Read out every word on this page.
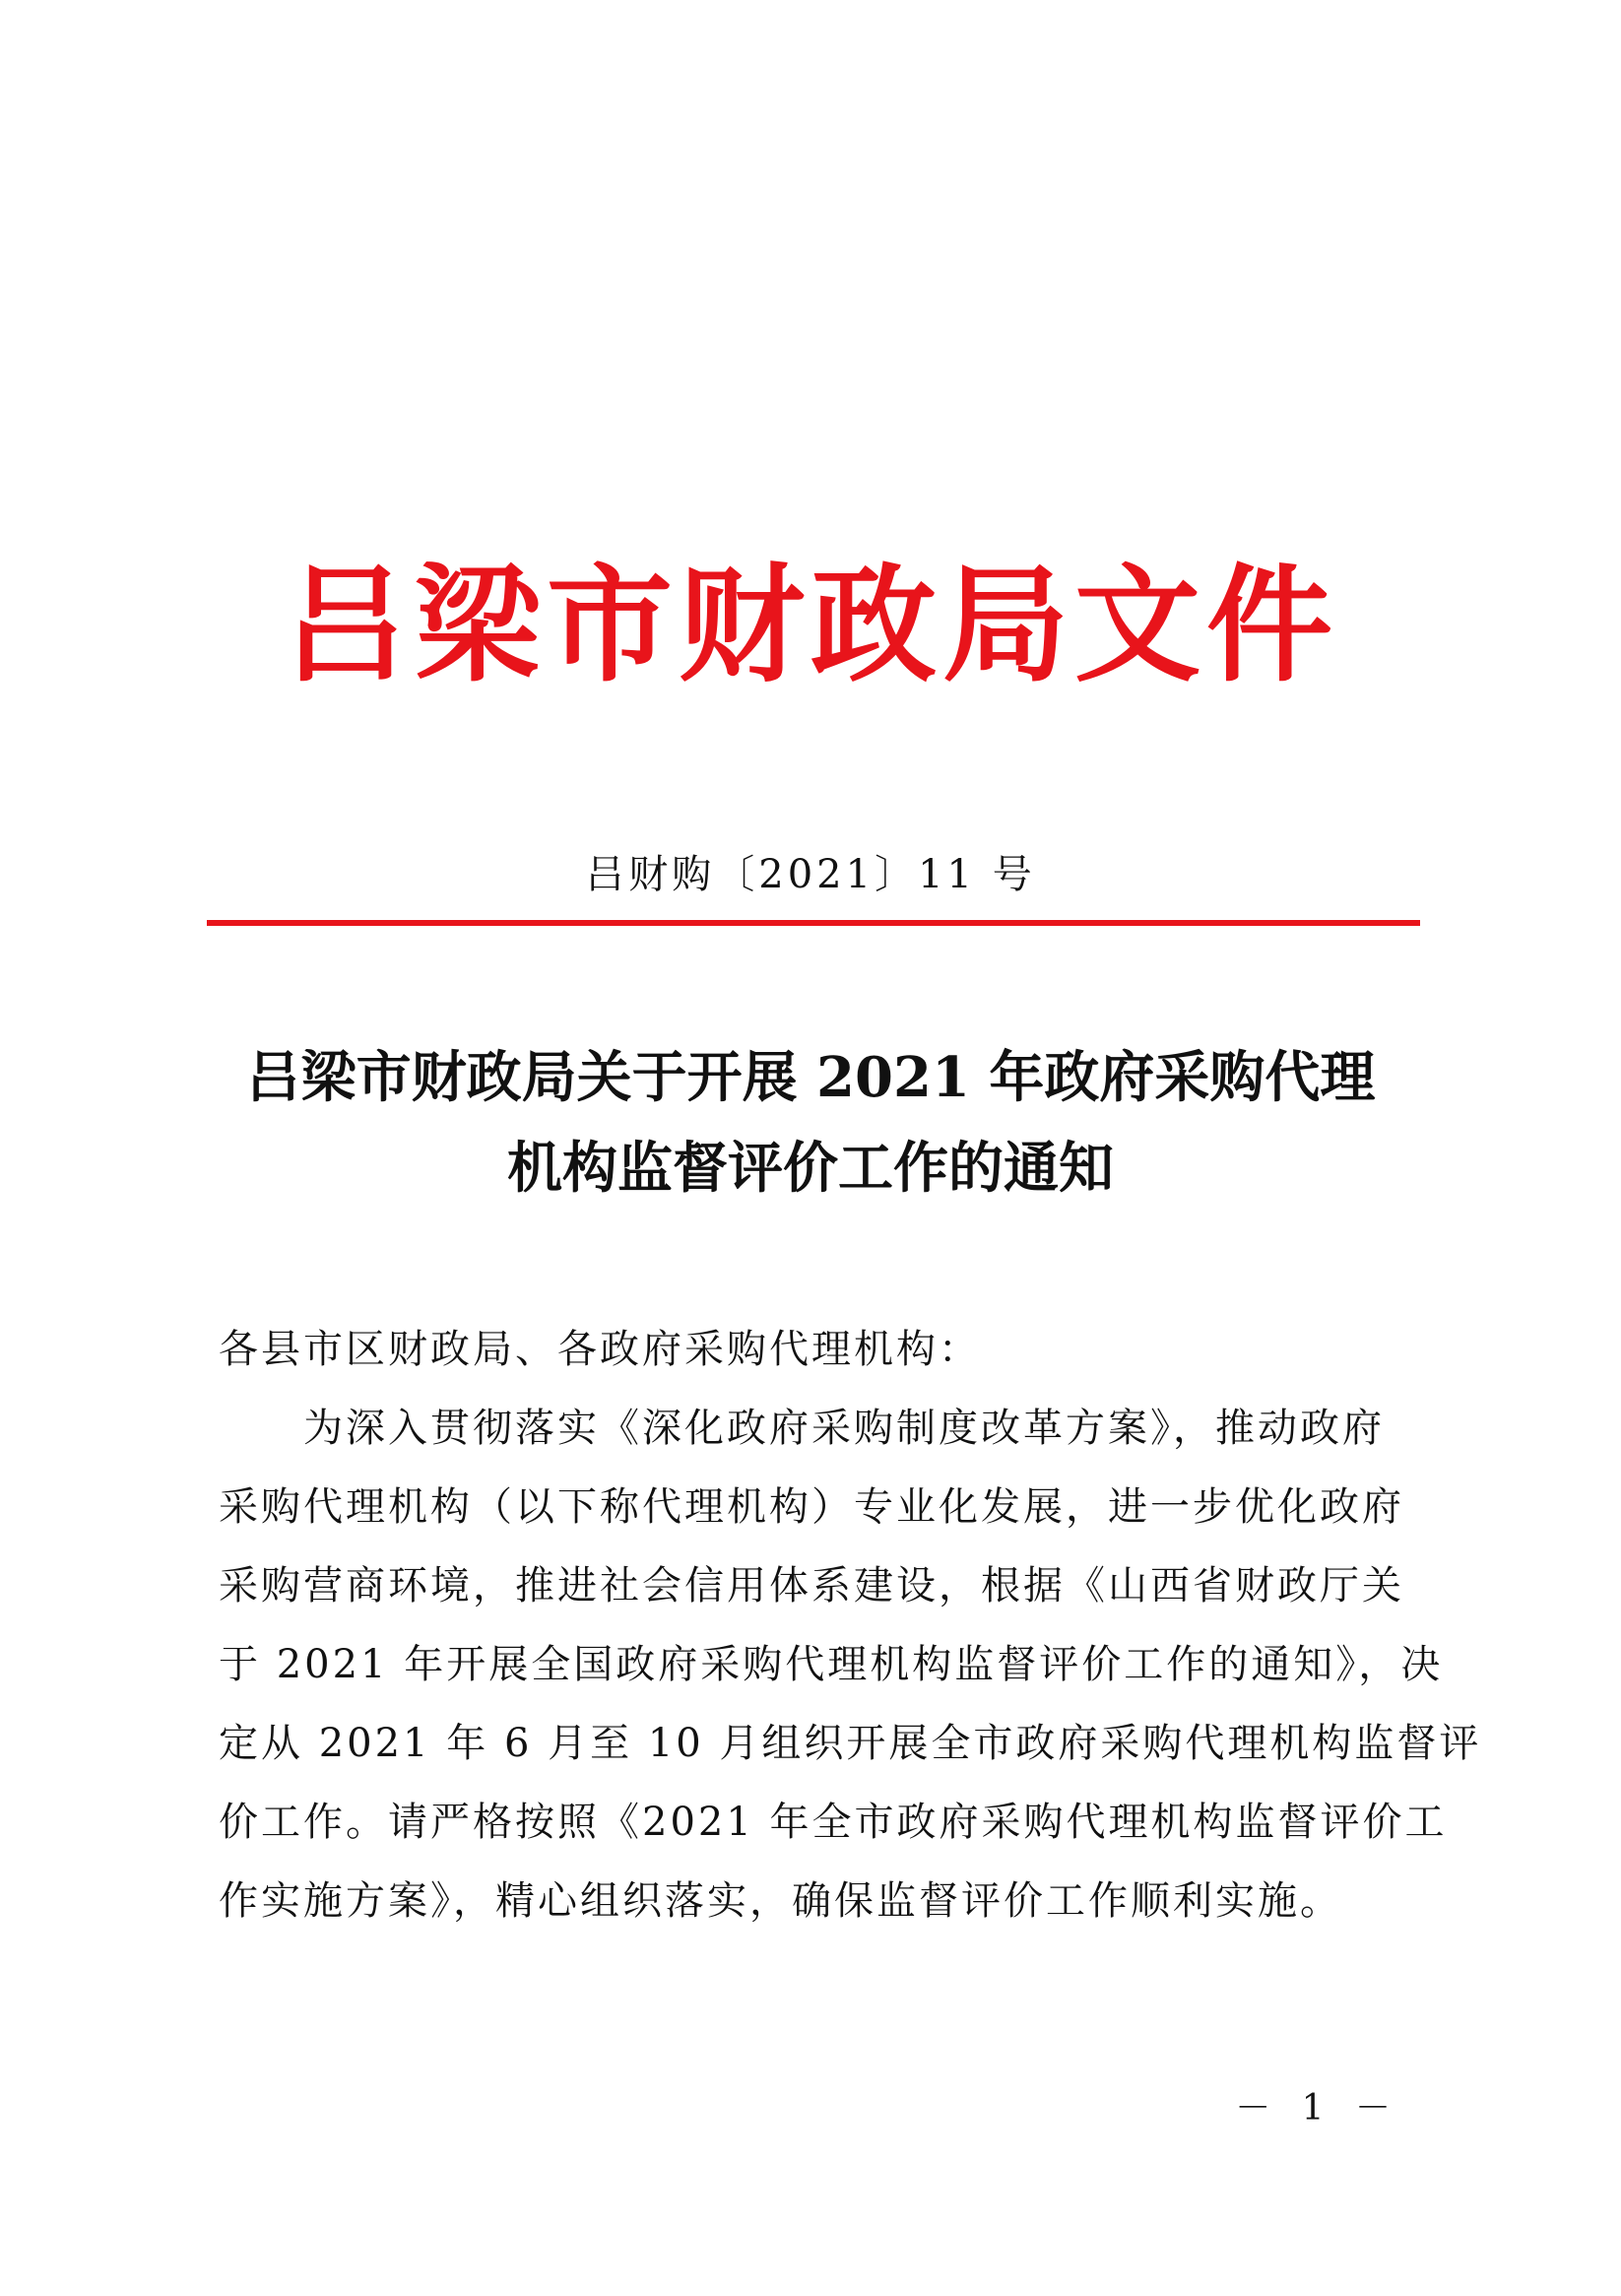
吕梁市财政局文件
吕财购〔2021〕11 号
吕梁市财政局关于开展 2021 年政府采购代理
机构监督评价工作的通知
各县市区财政局、各政府采购代理机构：
为深入贯彻落实《深化政府采购制度改革方案》，推动政府
采购代理机构（以下称代理机构）专业化发展，进一步优化政府
采购营商环境，推进社会信用体系建设，根据《山西省财政厅关
于 2021 年开展全国政府采购代理机构监督评价工作的通知》，决
定从 2021 年 6 月至 10 月组织开展全市政府采购代理机构监督评
价工作。请严格按照《2021 年全市政府采购代理机构监督评价工
作实施方案》，精心组织落实，确保监督评价工作顺利实施。
－ 1 －
